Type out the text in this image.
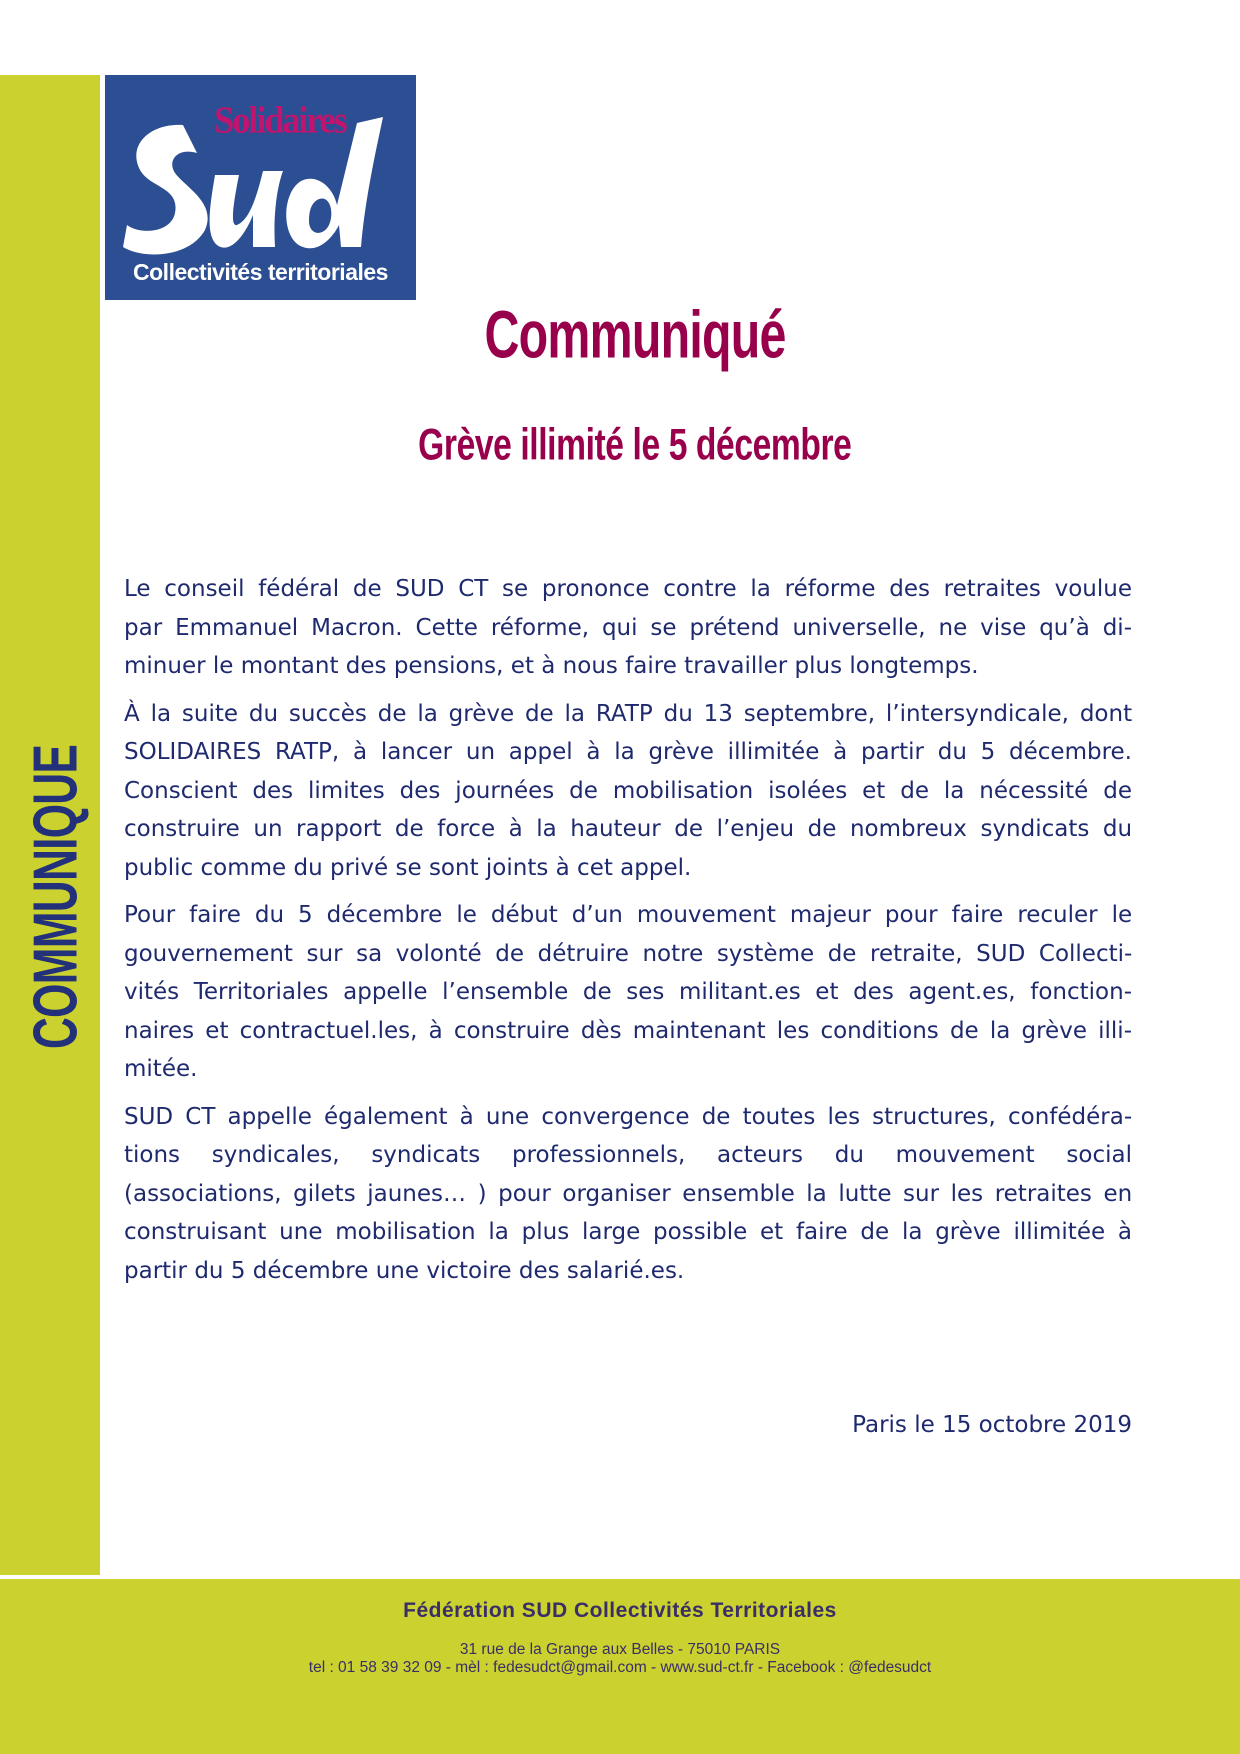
COMMUNIQUE
Solidaires
Collectivités territoriales
Communiqué
Grève illimité le 5 décembre
Le conseil fédéral de SUD CT se prononce contre la réforme des retraites voulue
par Emmanuel Macron. Cette réforme, qui se prétend universelle, ne vise qu’à di-
minuer le montant des pensions, et à nous faire travailler plus longtemps.
À la suite du succès de la grève de la RATP du 13 septembre, l’intersyndicale, dont
SOLIDAIRES RATP, à lancer un appel à la grève illimitée à partir du 5 décembre.
Conscient des limites des journées de mobilisation isolées et de la nécessité de
construire un rapport de force à la hauteur de l’enjeu de nombreux syndicats du
public comme du privé se sont joints à cet appel.
Pour faire du 5 décembre le début d’un mouvement majeur pour faire reculer le
gouvernement sur sa volonté de détruire notre système de retraite, SUD Collecti-
vités Territoriales appelle l’ensemble de ses militant.es et des agent.es, fonction-
naires et contractuel.les, à construire dès maintenant les conditions de la grève illi-
mitée.
SUD CT appelle également à une convergence de toutes les structures, confédéra-
tions syndicales, syndicats professionnels, acteurs du mouvement social
(associations, gilets jaunes… ) pour organiser ensemble la lutte sur les retraites en
construisant une mobilisation la plus large possible et faire de la grève illimitée à
partir du 5 décembre une victoire des salarié.es.
Paris le 15 octobre 2019
Fédération SUD Collectivités Territoriales
31 rue de la Grange aux Belles - 75010 PARIS
tel : 01 58 39 32 09 - mèl : fedesudct@gmail.com - www.sud-ct.fr - Facebook : @fedesudct
